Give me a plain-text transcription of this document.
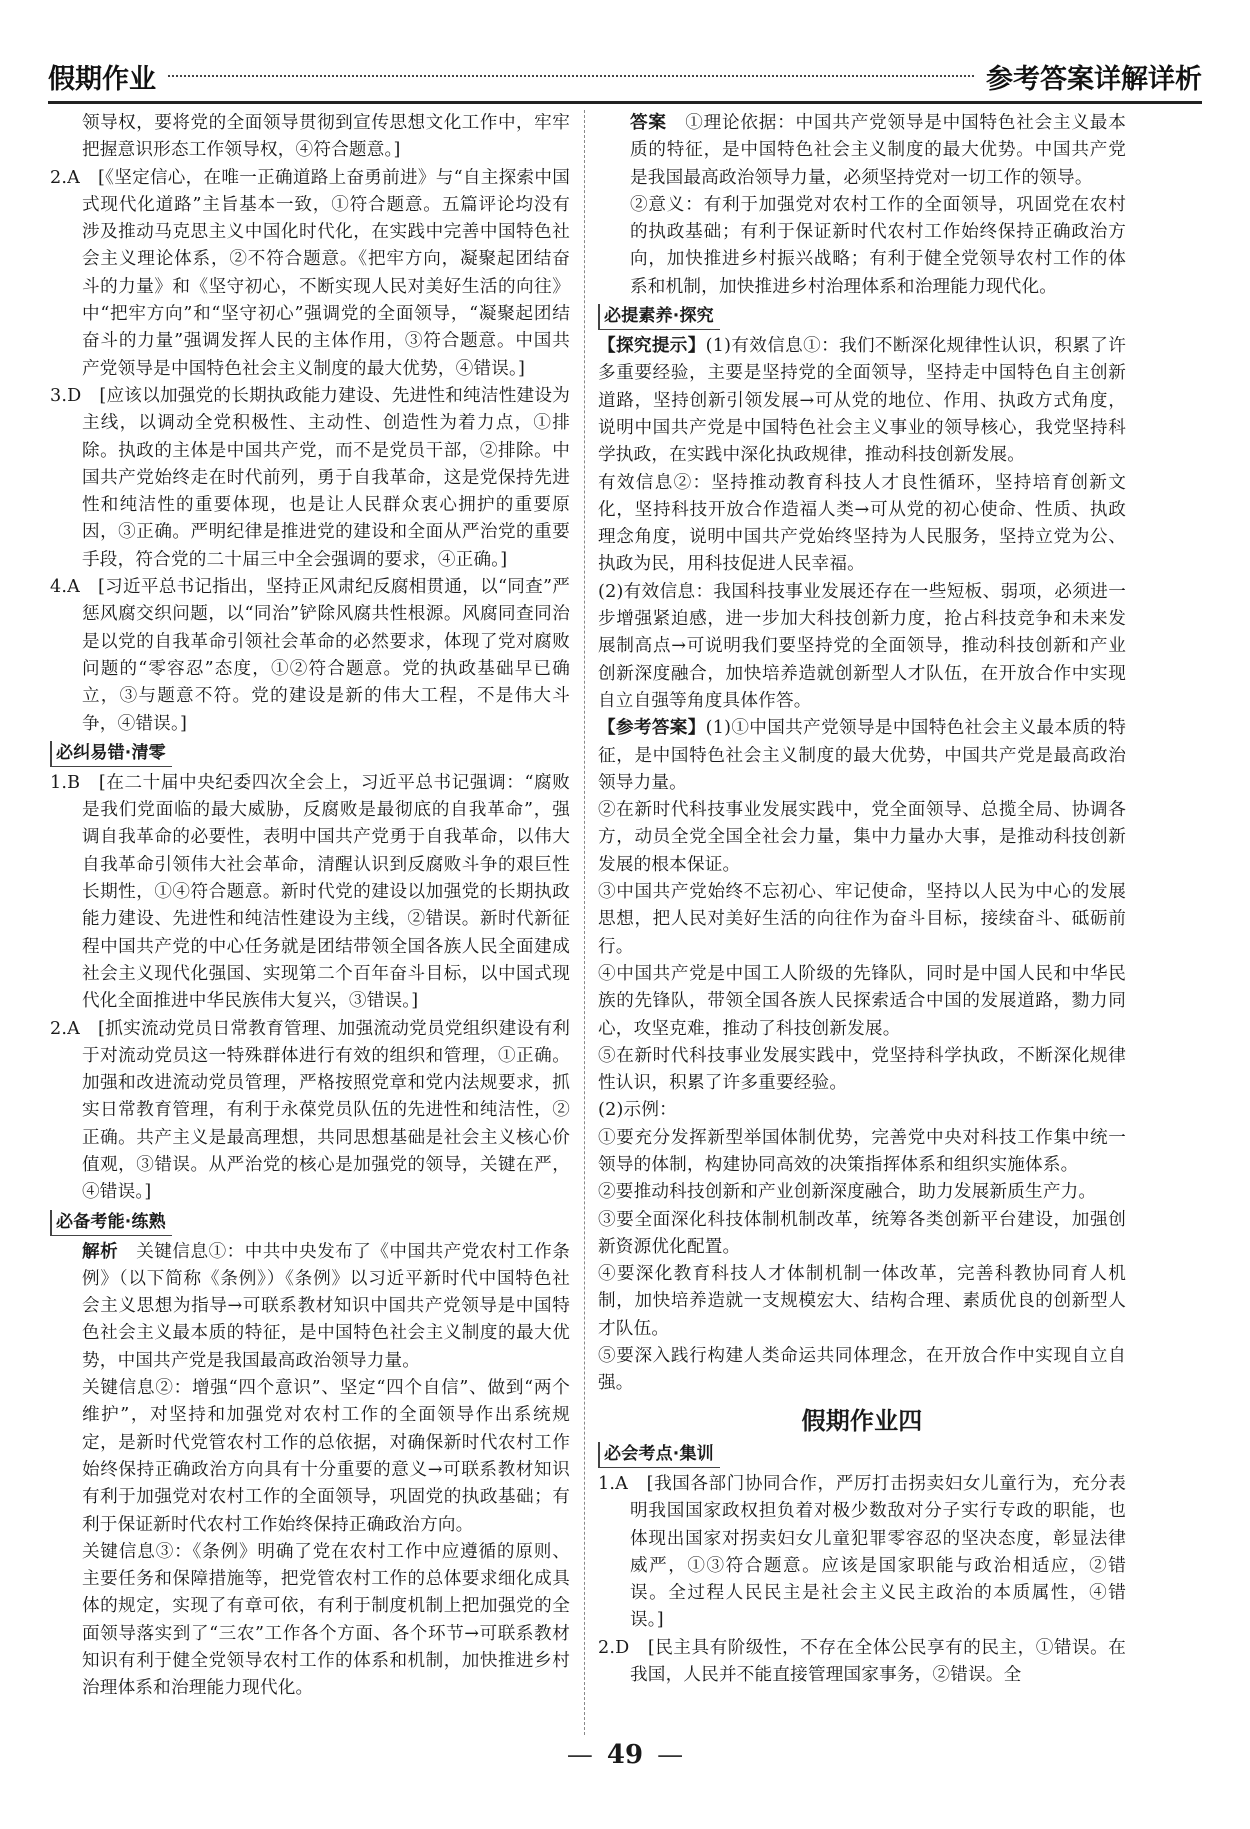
假期作业	参考答案详解详析

领导权，要将党的全面领导贯彻到宣传思想文化工作中，牢牢把握意识形态工作领导权，④符合题意。]

2.A　[《坚定信心，在唯一正确道路上奋勇前进》与“自主探索中国式现代化道路”主旨基本一致，①符合题意。五篇评论均没有涉及推动马克思主义中国化时代化，在实践中完善中国特色社会主义理论体系，②不符合题意。《把牢方向，凝聚起团结奋斗的力量》和《坚守初心，不断实现人民对美好生活的向往》中“把牢方向”和“坚守初心”强调党的全面领导，“凝聚起团结奋斗的力量”强调发挥人民的主体作用，③符合题意。中国共产党领导是中国特色社会主义制度的最大优势，④错误。]

3.D　[应该以加强党的长期执政能力建设、先进性和纯洁性建设为主线，以调动全党积极性、主动性、创造性为着力点，①排除。执政的主体是中国共产党，而不是党员干部，②排除。中国共产党始终走在时代前列，勇于自我革命，这是党保持先进性和纯洁性的重要体现，也是让人民群众衷心拥护的重要原因，③正确。严明纪律是推进党的建设和全面从严治党的重要手段，符合党的二十届三中全会强调的要求，④正确。]

4.A　[习近平总书记指出，坚持正风肃纪反腐相贯通，以“同查”严惩风腐交织问题，以“同治”铲除风腐共性根源。风腐同查同治是以党的自我革命引领社会革命的必然要求，体现了党对腐败问题的“零容忍”态度，①②符合题意。党的执政基础早已确立，③与题意不符。党的建设是新的伟大工程，不是伟大斗争，④错误。]

必纠易错·清零

1.B　[在二十届中央纪委四次全会上，习近平总书记强调：“腐败是我们党面临的最大威胁，反腐败是最彻底的自我革命”，强调自我革命的必要性，表明中国共产党勇于自我革命，以伟大自我革命引领伟大社会革命，清醒认识到反腐败斗争的艰巨性长期性，①④符合题意。新时代党的建设以加强党的长期执政能力建设、先进性和纯洁性建设为主线，②错误。新时代新征程中国共产党的中心任务就是团结带领全国各族人民全面建成社会主义现代化强国、实现第二个百年奋斗目标，以中国式现代化全面推进中华民族伟大复兴，③错误。]

2.A　[抓实流动党员日常教育管理、加强流动党员党组织建设有利于对流动党员这一特殊群体进行有效的组织和管理，①正确。加强和改进流动党员管理，严格按照党章和党内法规要求，抓实日常教育管理，有利于永葆党员队伍的先进性和纯洁性，②正确。共产主义是最高理想，共同思想基础是社会主义核心价值观，③错误。从严治党的核心是加强党的领导，关键在严，④错误。]

必备考能·练熟

解析　关键信息①：中共中央发布了《中国共产党农村工作条例》（以下简称《条例》）《条例》以习近平新时代中国特色社会主义思想为指导→可联系教材知识中国共产党领导是中国特色社会主义最本质的特征，是中国特色社会主义制度的最大优势，中国共产党是我国最高政治领导力量。

关键信息②：增强“四个意识”、坚定“四个自信”、做到“两个维护”，对坚持和加强党对农村工作的全面领导作出系统规定，是新时代党管农村工作的总依据，对确保新时代农村工作始终保持正确政治方向具有十分重要的意义→可联系教材知识有利于加强党对农村工作的全面领导，巩固党的执政基础；有利于保证新时代农村工作始终保持正确政治方向。

关键信息③：《条例》明确了党在农村工作中应遵循的原则、主要任务和保障措施等，把党管农村工作的总体要求细化成具体的规定，实现了有章可依，有利于制度机制上把加强党的全面领导落实到了“三农”工作各个方面、各个环节→可联系教材知识有利于健全党领导农村工作的体系和机制，加快推进乡村治理体系和治理能力现代化。

答案　①理论依据：中国共产党领导是中国特色社会主义最本质的特征，是中国特色社会主义制度的最大优势。中国共产党是我国最高政治领导力量，必须坚持党对一切工作的领导。

②意义：有利于加强党对农村工作的全面领导，巩固党在农村的执政基础；有利于保证新时代农村工作始终保持正确政治方向，加快推进乡村振兴战略；有利于健全党领导农村工作的体系和机制，加快推进乡村治理体系和治理能力现代化。

必提素养·探究

【探究提示】(1)有效信息①：我们不断深化规律性认识，积累了许多重要经验，主要是坚持党的全面领导，坚持走中国特色自主创新道路，坚持创新引领发展→可从党的地位、作用、执政方式角度，说明中国共产党是中国特色社会主义事业的领导核心，我党坚持科学执政，在实践中深化执政规律，推动科技创新发展。

有效信息②：坚持推动教育科技人才良性循环，坚持培育创新文化，坚持科技开放合作造福人类→可从党的初心使命、性质、执政理念角度，说明中国共产党始终坚持为人民服务，坚持立党为公、执政为民，用科技促进人民幸福。

(2)有效信息：我国科技事业发展还存在一些短板、弱项，必须进一步增强紧迫感，进一步加大科技创新力度，抢占科技竞争和未来发展制高点→可说明我们要坚持党的全面领导，推动科技创新和产业创新深度融合，加快培养造就创新型人才队伍，在开放合作中实现自立自强等角度具体作答。

【参考答案】(1)①中国共产党领导是中国特色社会主义最本质的特征，是中国特色社会主义制度的最大优势，中国共产党是最高政治领导力量。

②在新时代科技事业发展实践中，党全面领导、总揽全局、协调各方，动员全党全国全社会力量，集中力量办大事，是推动科技创新发展的根本保证。

③中国共产党始终不忘初心、牢记使命，坚持以人民为中心的发展思想，把人民对美好生活的向往作为奋斗目标，接续奋斗、砥砺前行。

④中国共产党是中国工人阶级的先锋队，同时是中国人民和中华民族的先锋队，带领全国各族人民探索适合中国的发展道路，勠力同心，攻坚克难，推动了科技创新发展。

⑤在新时代科技事业发展实践中，党坚持科学执政，不断深化规律性认识，积累了许多重要经验。

(2)示例：

①要充分发挥新型举国体制优势，完善党中央对科技工作集中统一领导的体制，构建协同高效的决策指挥体系和组织实施体系。

②要推动科技创新和产业创新深度融合，助力发展新质生产力。

③要全面深化科技体制机制改革，统筹各类创新平台建设，加强创新资源优化配置。

④要深化教育科技人才体制机制一体改革，完善科教协同育人机制，加快培养造就一支规模宏大、结构合理、素质优良的创新型人才队伍。

⑤要深入践行构建人类命运共同体理念，在开放合作中实现自立自强。

假期作业四
必会考点·集训

1.A　[我国各部门协同合作，严厉打击拐卖妇女儿童行为，充分表明我国国家政权担负着对极少数敌对分子实行专政的职能，也体现出国家对拐卖妇女儿童犯罪零容忍的坚决态度，彰显法律威严，①③符合题意。应该是国家职能与政治相适应，②错误。全过程人民民主是社会主义民主政治的本质属性，④错误。]

2.D　[民主具有阶级性，不存在全体公民享有的民主，①错误。在我国，人民并不能直接管理国家事务，②错误。全

— 49 —
